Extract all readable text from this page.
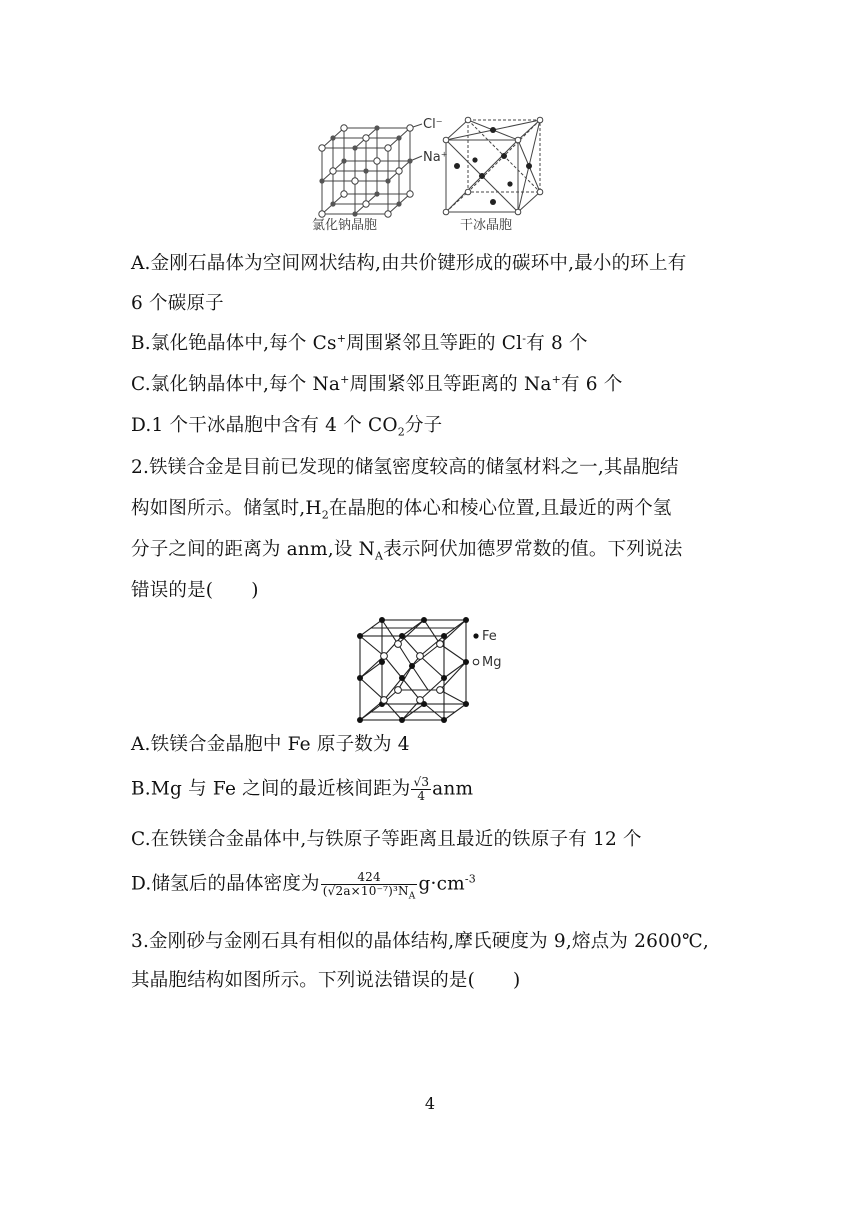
Cl⁻
Na⁺
氯化钠晶胞	干冰晶胞
A.金刚石晶体为空间网状结构,由共价键形成的碳环中,最小的环上有
6 个碳原子
B.氯化铯晶体中,每个 Cs+周围紧邻且等距的 Cl-有 8 个
C.氯化钠晶体中,每个 Na+周围紧邻且等距离的 Na+有 6 个
D.1 个干冰晶胞中含有 4 个 $CO_2$分子
2.铁镁合金是目前已发现的储氢密度较高的储氢材料之一,其晶胞结
构如图所示。储氢时$,H_2$在晶胞的体心和棱心位置,且最近的两个氢
分子之间的距离为 anm,设 $N_A$表示阿伏加德罗常数的值。下列说法
错误的是( )
Fe
Mg
A.铁镁合金晶胞中 Fe 原子数为 4
B.Mg 与 Fe 之间的最近核间距为 $\frac{√3}{4}$ anm
C.在铁镁合金晶体中,与铁原子等距离且最近的铁原子有 12 个
D.储氢后的晶体密度为 $\frac{424}{(√2a\times 10^{-7})^3N_A} g\cdot cm^{-3}$
3.金刚砂与金刚石具有相似的晶体结构,摩氏硬度为 9,熔点为 2600℃,
其晶胞结构如图所示。下列说法错误的是( )
4
